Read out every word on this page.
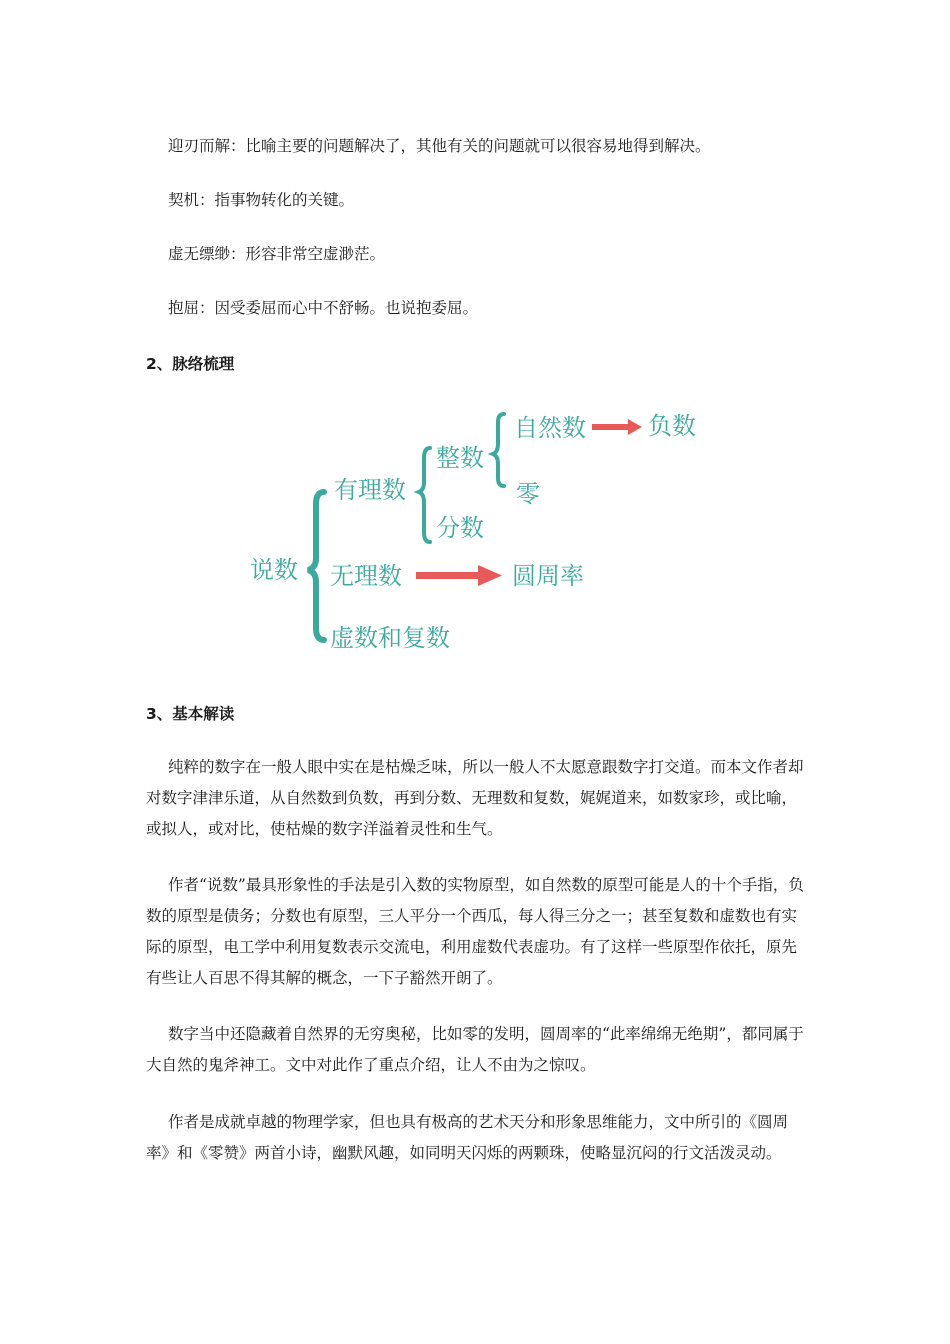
迎刃而解：比喻主要的问题解决了，其他有关的问题就可以很容易地得到解决。

契机：指事物转化的关键。

虚无缥缈：形容非常空虚渺茫。

抱屈：因受委屈而心中不舒畅。也说抱委屈。

2、脉络梳理
说数
有理数
整数
自然数	负数
零
分数
无理数	圆周率
虚数和复数
3、基本解读

纯粹的数字在一般人眼中实在是枯燥乏味，所以一般人不太愿意跟数字打交道。而本文作者却对数字津津乐道，从自然数到负数，再到分数、无理数和复数，娓娓道来，如数家珍，或比喻，或拟人，或对比，使枯燥的数字洋溢着灵性和生气。

作者“说数”最具形象性的手法是引入数的实物原型，如自然数的原型可能是人的十个手指，负数的原型是债务；分数也有原型，三人平分一个西瓜，每人得三分之一；甚至复数和虚数也有实际的原型，电工学中利用复数表示交流电，利用虚数代表虚功。有了这样一些原型作依托，原先有些让人百思不得其解的概念，一下子豁然开朗了。

数字当中还隐藏着自然界的无穷奥秘，比如零的发明，圆周率的“此率绵绵无绝期”，都同属于大自然的鬼斧神工。文中对此作了重点介绍，让人不由为之惊叹。

作者是成就卓越的物理学家，但也具有极高的艺术天分和形象思维能力，文中所引的《圆周率》和《零赞》两首小诗，幽默风趣，如同明天闪烁的两颗珠，使略显沉闷的行文活泼灵动。
